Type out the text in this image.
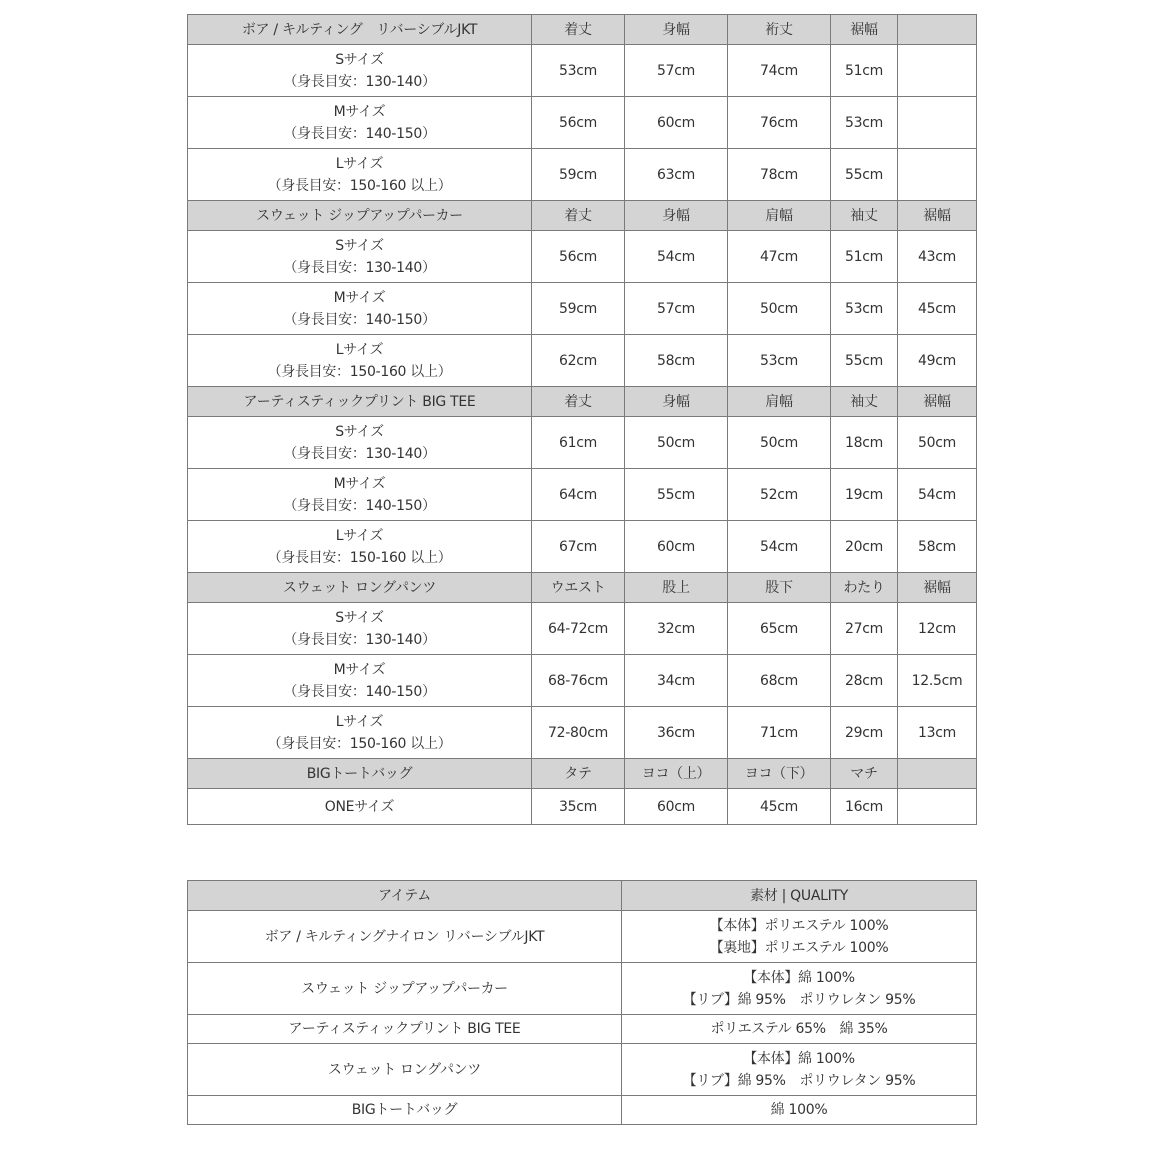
ボア / キルティング　リバーシブルJKT	着丈	身幅	裄丈	裾幅	

Sサイズ
（身長目安：130-140）	53cm	57cm	74cm	51cm	

Mサイズ
（身長目安：140-150）	56cm	60cm	76cm	53cm	

Lサイズ
（身長目安：150-160 以上）	59cm	63cm	78cm	55cm	
スウェット ジップアップパーカー	着丈	身幅	肩幅	袖丈	裾幅

Sサイズ
（身長目安：130-140）	56cm	54cm	47cm	51cm	43cm

Mサイズ
（身長目安：140-150）	59cm	57cm	50cm	53cm	45cm

Lサイズ
（身長目安：150-160 以上）	62cm	58cm	53cm	55cm	49cm
アーティスティックプリント BIG TEE	着丈	身幅	肩幅	袖丈	裾幅

Sサイズ
（身長目安：130-140）	61cm	50cm	50cm	18cm	50cm

Mサイズ
（身長目安：140-150）	64cm	55cm	52cm	19cm	54cm

Lサイズ
（身長目安：150-160 以上）	67cm	60cm	54cm	20cm	58cm
スウェット ロングパンツ	ウエスト	股上	股下	わたり	裾幅

Sサイズ
（身長目安：130-140）	64-72cm	32cm	65cm	27cm	12cm

Mサイズ
（身長目安：140-150）	68-76cm	34cm	68cm	28cm	12.5cm

Lサイズ
（身長目安：150-160 以上）	72-80cm	36cm	71cm	29cm	13cm
BIGトートバッグ	タテ	ヨコ（上）	ヨコ（下）	マチ	

ONEサイズ	35cm	60cm	45cm	16cm	
アイテム	素材 | QUALITY
ボア / キルティングナイロン リバーシブルJKT	【本体】ポリエステル 100%
【裏地】ポリエステル 100%

スウェット ジップアップパーカー	【本体】綿 100%
【リブ】綿 95%　ポリウレタン 95%

アーティスティックプリント BIG TEE	ポリエステル 65%　綿 35%

スウェット ロングパンツ	【本体】綿 100%
【リブ】綿 95%　ポリウレタン 95%

BIGトートバッグ	綿 100%
